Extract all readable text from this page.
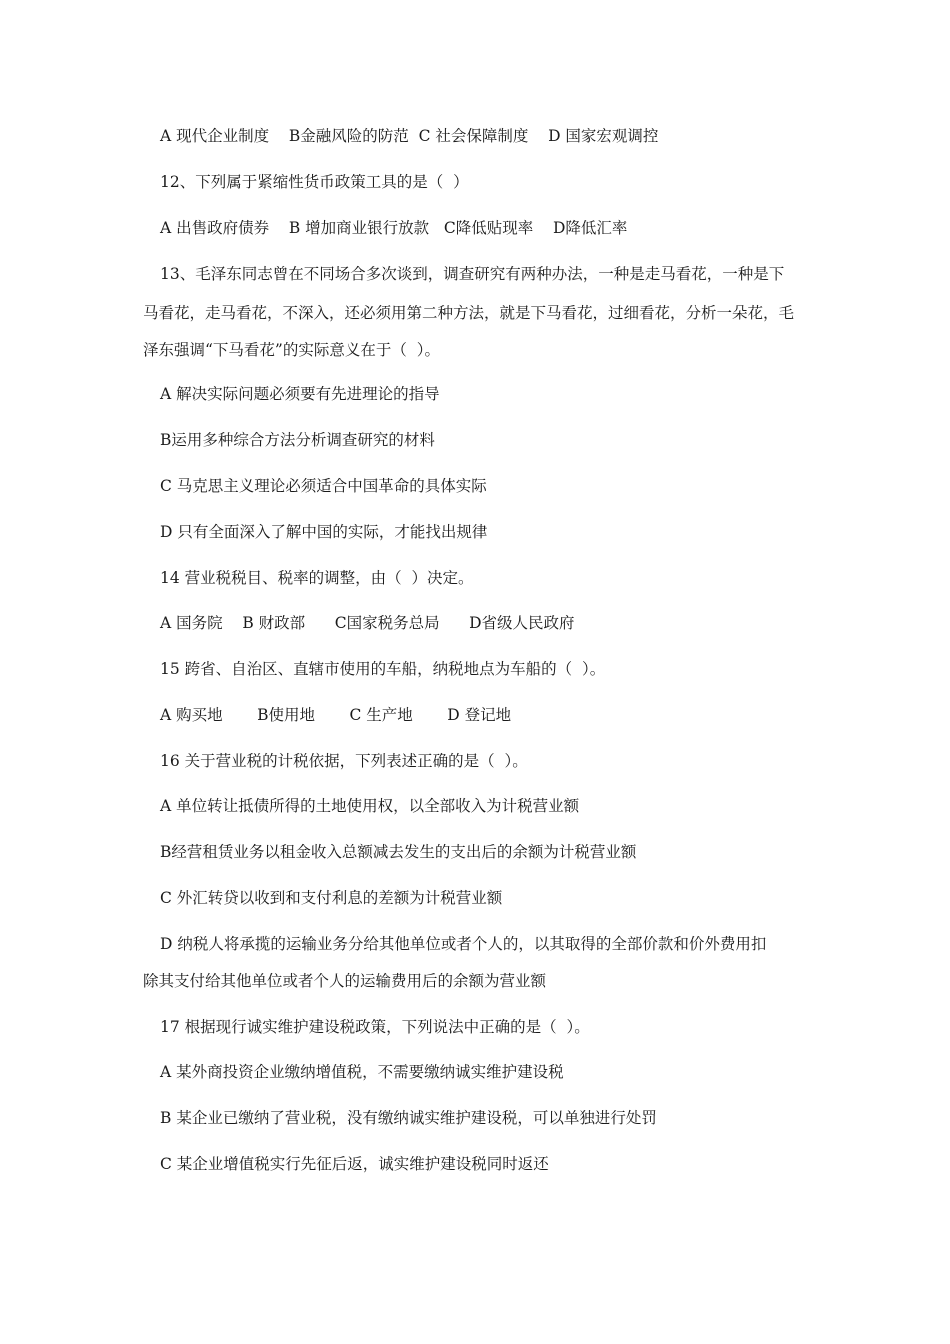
A 现代企业制度    B金融风险的防范  C 社会保障制度    D 国家宏观调控
12、下列属于紧缩性货币政策工具的是（  ）
A 出售政府债券    B 增加商业银行放款   C降低贴现率    D降低汇率
13、毛泽东同志曾在不同场合多次谈到，调查研究有两种办法，一种是走马看花，一种是下
马看花，走马看花，不深入，还必须用第二种方法，就是下马看花，过细看花，分析一朵花，毛
泽东强调“下马看花”的实际意义在于（  ）。
A 解决实际问题必须要有先进理论的指导
B运用多种综合方法分析调查研究的材料
C 马克思主义理论必须适合中国革命的具体实际
D 只有全面深入了解中国的实际，才能找出规律
14 营业税税目、税率的调整，由（  ）决定。
A 国务院    B 财政部      C国家税务总局      D省级人民政府
15 跨省、自治区、直辖市使用的车船，纳税地点为车船的（  ）。
A 购买地       B使用地       C 生产地       D 登记地
16 关于营业税的计税依据，下列表述正确的是（  ）。
A 单位转让抵债所得的土地使用权，以全部收入为计税营业额
B经营租赁业务以租金收入总额减去发生的支出后的余额为计税营业额
C 外汇转贷以收到和支付利息的差额为计税营业额
D 纳税人将承揽的运输业务分给其他单位或者个人的，以其取得的全部价款和价外费用扣
除其支付给其他单位或者个人的运输费用后的余额为营业额
17 根据现行诚实维护建设税政策，下列说法中正确的是（  ）。
A 某外商投资企业缴纳增值税，不需要缴纳诚实维护建设税
B 某企业已缴纳了营业税，没有缴纳诚实维护建设税，可以单独进行处罚
C 某企业增值税实行先征后返，诚实维护建设税同时返还
